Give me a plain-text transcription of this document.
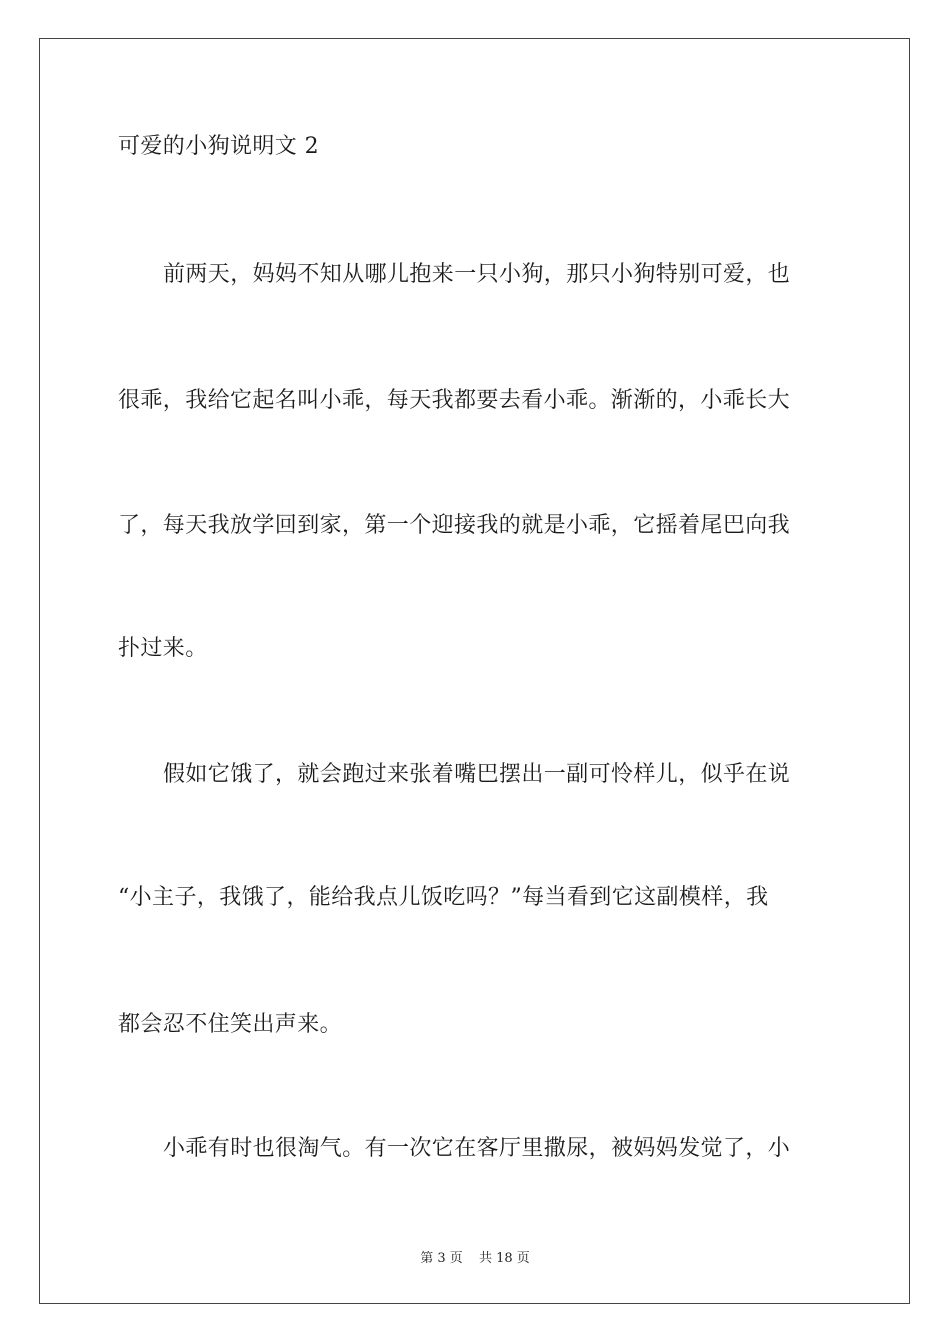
可爱的小狗说明文 2

前两天，妈妈不知从哪儿抱来一只小狗，那只小狗特别可爱，也

很乖，我给它起名叫小乖，每天我都要去看小乖。渐渐的，小乖长大

了，每天我放学回到家，第一个迎接我的就是小乖，它摇着尾巴向我

扑过来。

假如它饿了，就会跑过来张着嘴巴摆出一副可怜样儿，似乎在说

“小主子，我饿了，能给我点儿饭吃吗？”每当看到它这副模样，我

都会忍不住笑出声来。

小乖有时也很淘气。有一次它在客厅里撒尿，被妈妈发觉了，小

第 3 页 共 18 页
